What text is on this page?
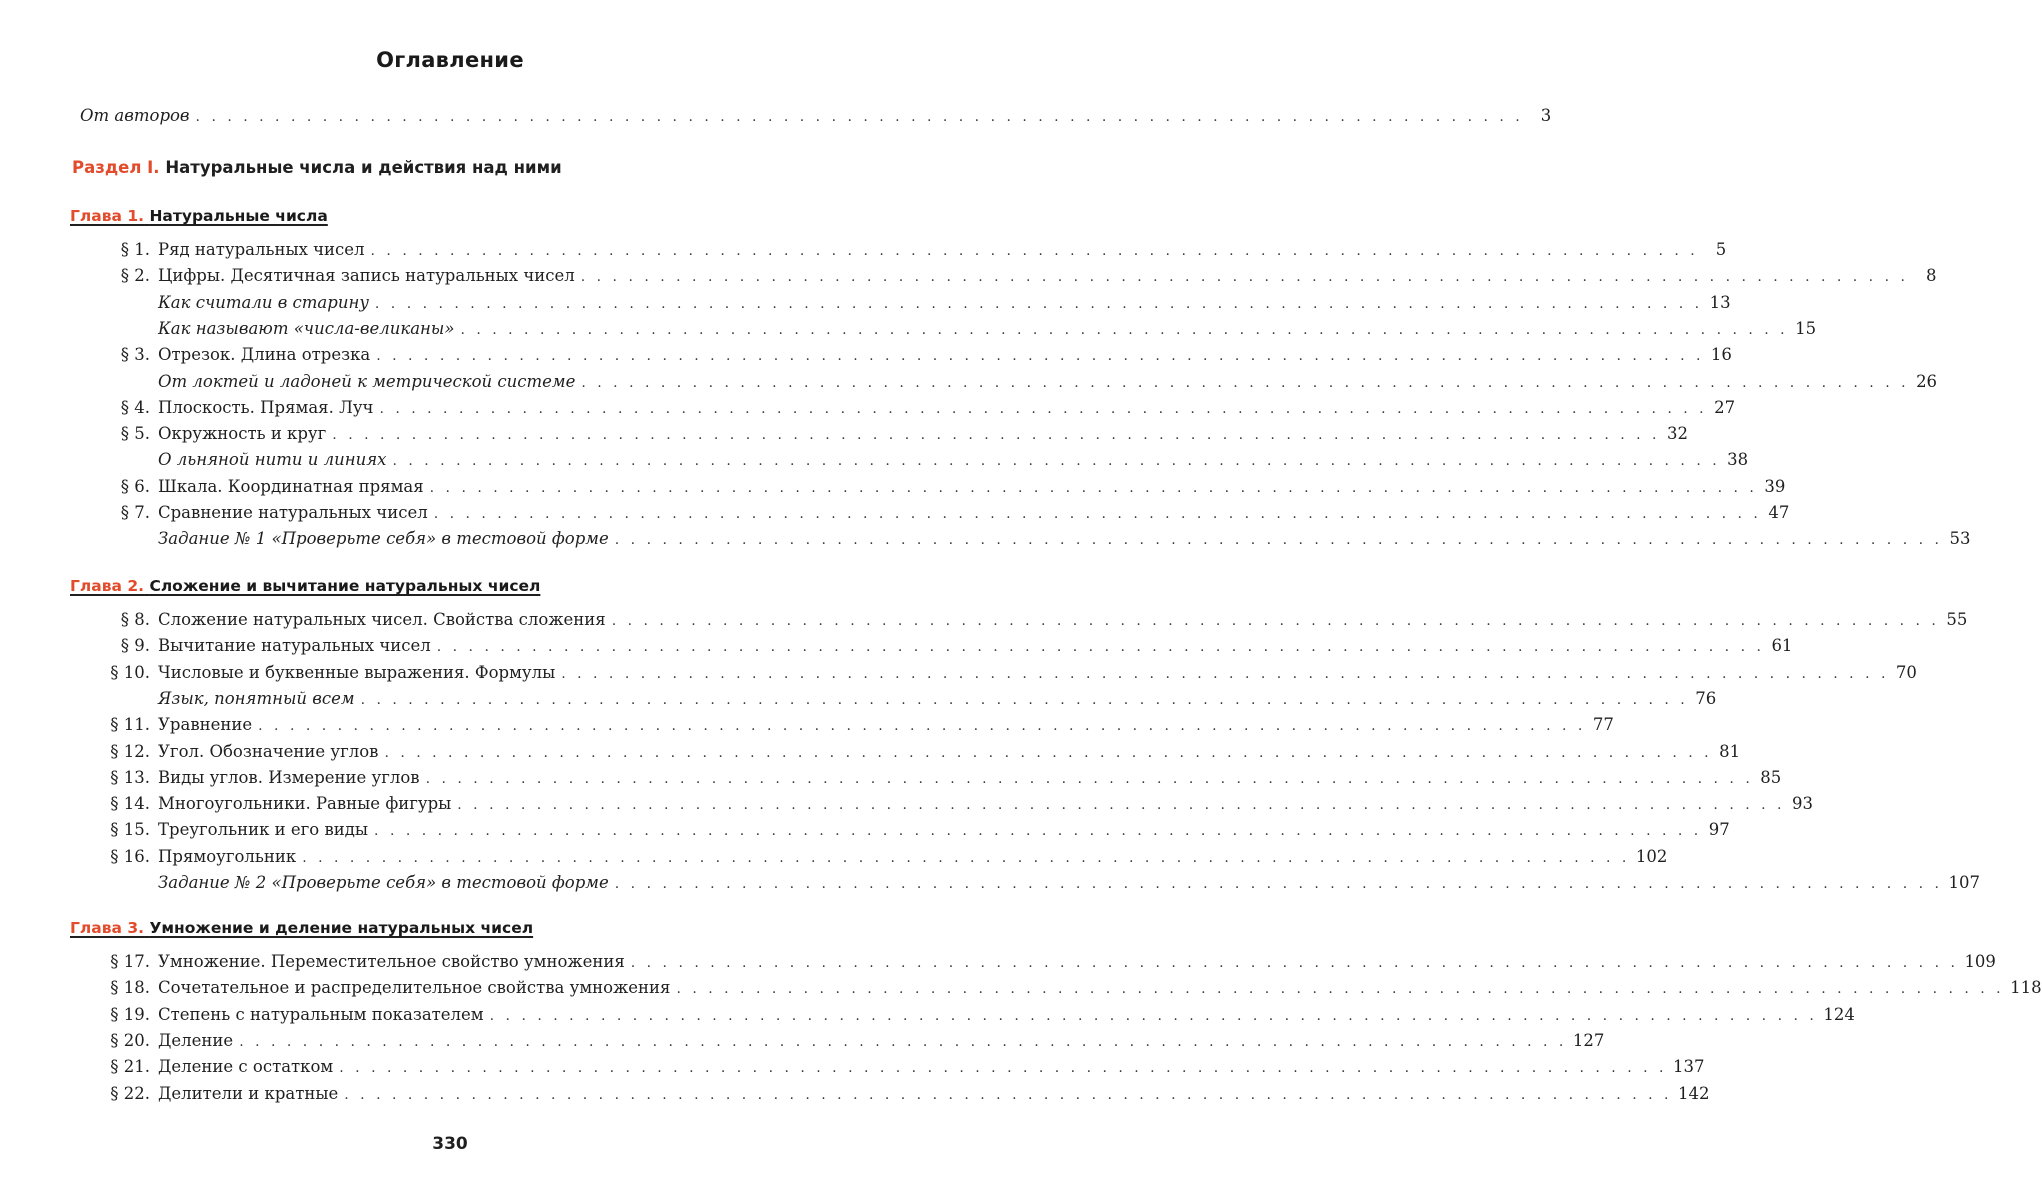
Оглавление
От авторов . . . . . . . . . . . . . . . . . . . . . . . . . . . . . . . . . . . . . . . . . . . . . . . . . . . . . . . . . . . . . . . . . . . . . . . . . . . . . . . . . . . .	3
Раздел I. Натуральные числа и действия над ними
Глава 1. Натуральные числа
§ 1. Ряд натуральных чисел . . . . . . . . . . . . . . . . . . . . . . . . . . . . . . . . . . . . . . . . . . . . . . . . . . . . . . . . . . . . . . . . . . . . . . . . . . . . . . . . . . . .	5
§ 2. Цифры. Десятичная запись натуральных чисел . . . . . . . . . . . . . . . . . . . . . . . . . . . . . . . . . . . . . . . . . . . . . . . . . . . . . . . . . . . . . . . . . . . . . . . . . . . . . . . . . . . .	8
Как считали в старину . . . . . . . . . . . . . . . . . . . . . . . . . . . . . . . . . . . . . . . . . . . . . . . . . . . . . . . . . . . . . . . . . . . . . . . . . . . . . . . . . . . . 13
Как называют «числа-великаны» . . . . . . . . . . . . . . . . . . . . . . . . . . . . . . . . . . . . . . . . . . . . . . . . . . . . . . . . . . . . . . . . . . . . . . . . . . . . . . . . . . . . 15
§ 3. Отрезок. Длина отрезка . . . . . . . . . . . . . . . . . . . . . . . . . . . . . . . . . . . . . . . . . . . . . . . . . . . . . . . . . . . . . . . . . . . . . . . . . . . . . . . . . . . . 16
От локтей и ладоней к метрической системе . . . . . . . . . . . . . . . . . . . . . . . . . . . . . . . . . . . . . . . . . . . . . . . . . . . . . . . . . . . . . . . . . . . . . . . . . . . . . . . . . . . . 26
§ 4. Плоскость. Прямая. Луч . . . . . . . . . . . . . . . . . . . . . . . . . . . . . . . . . . . . . . . . . . . . . . . . . . . . . . . . . . . . . . . . . . . . . . . . . . . . . . . . . . . . 27
§ 5. Окружность и круг . . . . . . . . . . . . . . . . . . . . . . . . . . . . . . . . . . . . . . . . . . . . . . . . . . . . . . . . . . . . . . . . . . . . . . . . . . . . . . . . . . . . 32
О льняной нити и линиях . . . . . . . . . . . . . . . . . . . . . . . . . . . . . . . . . . . . . . . . . . . . . . . . . . . . . . . . . . . . . . . . . . . . . . . . . . . . . . . . . . . . 38
§ 6. Шкала. Координатная прямая . . . . . . . . . . . . . . . . . . . . . . . . . . . . . . . . . . . . . . . . . . . . . . . . . . . . . . . . . . . . . . . . . . . . . . . . . . . . . . . . . . . . 39
§ 7. Сравнение натуральных чисел . . . . . . . . . . . . . . . . . . . . . . . . . . . . . . . . . . . . . . . . . . . . . . . . . . . . . . . . . . . . . . . . . . . . . . . . . . . . . . . . . . . . 47
Задание № 1 «Проверьте себя» в тестовой форме . . . . . . . . . . . . . . . . . . . . . . . . . . . . . . . . . . . . . . . . . . . . . . . . . . . . . . . . . . . . . . . . . . . . . . . . . . . . . . . . . . . . 53
Глава 2. Сложение и вычитание натуральных чисел
§ 8. Сложение натуральных чисел. Свойства сложения . . . . . . . . . . . . . . . . . . . . . . . . . . . . . . . . . . . . . . . . . . . . . . . . . . . . . . . . . . . . . . . . . . . . . . . . . . . . . . . . . . . . 55
§ 9. Вычитание натуральных чисел . . . . . . . . . . . . . . . . . . . . . . . . . . . . . . . . . . . . . . . . . . . . . . . . . . . . . . . . . . . . . . . . . . . . . . . . . . . . . . . . . . . . 61
§ 10. Числовые и буквенные выражения. Формулы . . . . . . . . . . . . . . . . . . . . . . . . . . . . . . . . . . . . . . . . . . . . . . . . . . . . . . . . . . . . . . . . . . . . . . . . . . . . . . . . . . . . 70
Язык, понятный всем . . . . . . . . . . . . . . . . . . . . . . . . . . . . . . . . . . . . . . . . . . . . . . . . . . . . . . . . . . . . . . . . . . . . . . . . . . . . . . . . . . . . 76
§ 11. Уравнение . . . . . . . . . . . . . . . . . . . . . . . . . . . . . . . . . . . . . . . . . . . . . . . . . . . . . . . . . . . . . . . . . . . . . . . . . . . . . . . . . . . . 77
§ 12. Угол. Обозначение углов . . . . . . . . . . . . . . . . . . . . . . . . . . . . . . . . . . . . . . . . . . . . . . . . . . . . . . . . . . . . . . . . . . . . . . . . . . . . . . . . . . . . 81
§ 13. Виды углов. Измерение углов . . . . . . . . . . . . . . . . . . . . . . . . . . . . . . . . . . . . . . . . . . . . . . . . . . . . . . . . . . . . . . . . . . . . . . . . . . . . . . . . . . . . 85
§ 14. Многоугольники. Равные фигуры . . . . . . . . . . . . . . . . . . . . . . . . . . . . . . . . . . . . . . . . . . . . . . . . . . . . . . . . . . . . . . . . . . . . . . . . . . . . . . . . . . . . 93
§ 15. Треугольник и его виды . . . . . . . . . . . . . . . . . . . . . . . . . . . . . . . . . . . . . . . . . . . . . . . . . . . . . . . . . . . . . . . . . . . . . . . . . . . . . . . . . . . . 97
§ 16. Прямоугольник . . . . . . . . . . . . . . . . . . . . . . . . . . . . . . . . . . . . . . . . . . . . . . . . . . . . . . . . . . . . . . . . . . . . . . . . . . . . . . . . . . . . 102
Задание № 2 «Проверьте себя» в тестовой форме . . . . . . . . . . . . . . . . . . . . . . . . . . . . . . . . . . . . . . . . . . . . . . . . . . . . . . . . . . . . . . . . . . . . . . . . . . . . . . . . . . . . 107
Глава 3. Умножение и деление натуральных чисел
§ 17. Умножение. Переместительное свойство умножения . . . . . . . . . . . . . . . . . . . . . . . . . . . . . . . . . . . . . . . . . . . . . . . . . . . . . . . . . . . . . . . . . . . . . . . . . . . . . . . . . . . . 109
§ 18. Сочетательное и распределительное свойства умножения . . . . . . . . . . . . . . . . . . . . . . . . . . . . . . . . . . . . . . . . . . . . . . . . . . . . . . . . . . . . . . . . . . . . . . . . . . . . . . . . . . . . 118
§ 19. Степень с натуральным показателем . . . . . . . . . . . . . . . . . . . . . . . . . . . . . . . . . . . . . . . . . . . . . . . . . . . . . . . . . . . . . . . . . . . . . . . . . . . . . . . . . . . . 124
§ 20. Деление . . . . . . . . . . . . . . . . . . . . . . . . . . . . . . . . . . . . . . . . . . . . . . . . . . . . . . . . . . . . . . . . . . . . . . . . . . . . . . . . . . . . 127
§ 21. Деление с остатком . . . . . . . . . . . . . . . . . . . . . . . . . . . . . . . . . . . . . . . . . . . . . . . . . . . . . . . . . . . . . . . . . . . . . . . . . . . . . . . . . . . . 137
§ 22. Делители и кратные . . . . . . . . . . . . . . . . . . . . . . . . . . . . . . . . . . . . . . . . . . . . . . . . . . . . . . . . . . . . . . . . . . . . . . . . . . . . . . . . . . . . 142
330
